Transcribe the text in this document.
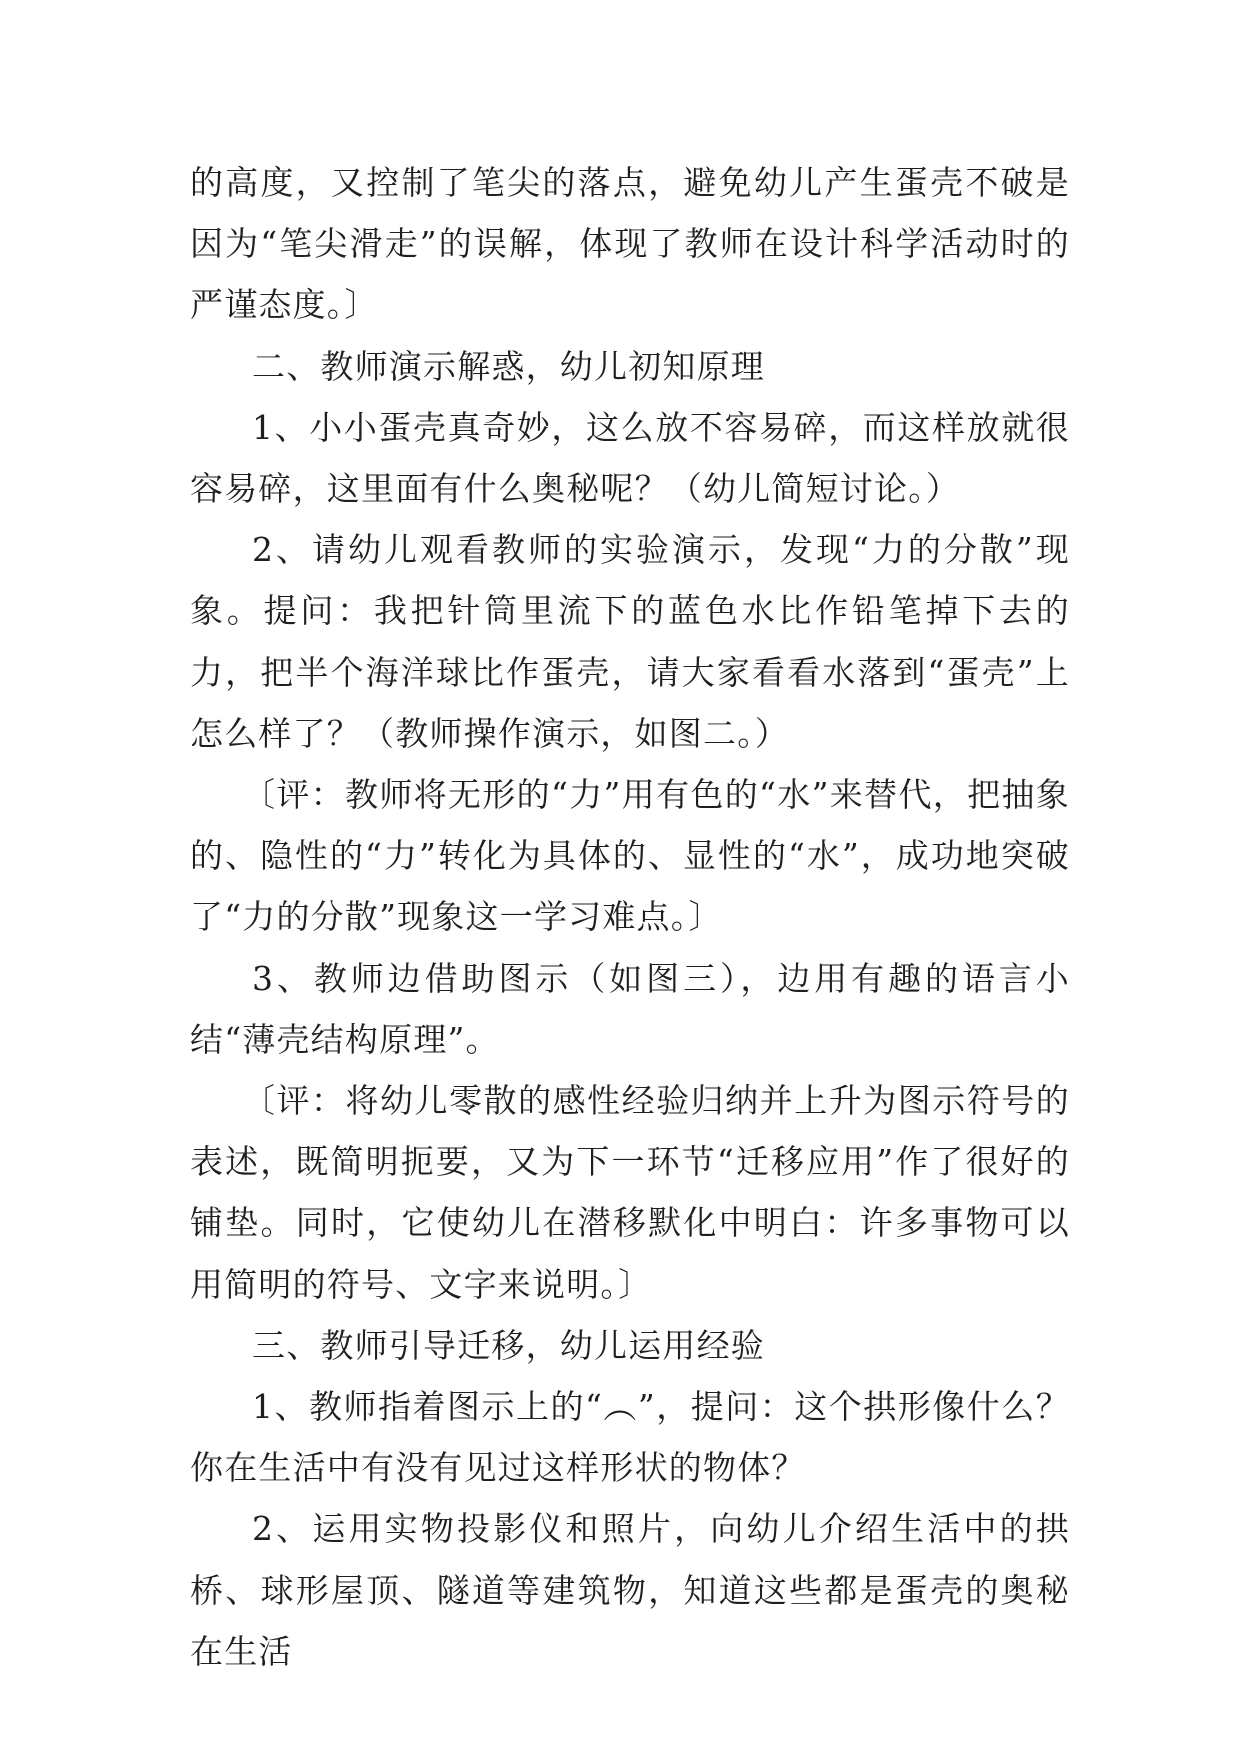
的高度，又控制了笔尖的落点，避免幼儿产生蛋壳不破是因为“笔尖滑走”的误解，体现了教师在设计科学活动时的严谨态度。〕

二、教师演示解惑，幼儿初知原理

1、小小蛋壳真奇妙，这么放不容易碎，而这样放就很容易碎，这里面有什么奥秘呢？（幼儿简短讨论。）

2、请幼儿观看教师的实验演示，发现“力的分散”现象。提问：我把针筒里流下的蓝色水比作铅笔掉下去的力，把半个海洋球比作蛋壳，请大家看看水落到“蛋壳”上怎么样了？（教师操作演示，如图二。）

〔评：教师将无形的“力”用有色的“水”来替代，把抽象的、隐性的“力”转化为具体的、显性的“水”，成功地突破了“力的分散”现象这一学习难点。〕

3、教师边借助图示（如图三），边用有趣的语言小结“薄壳结构原理”。

〔评：将幼儿零散的感性经验归纳并上升为图示符号的表述，既简明扼要，又为下一环节“迁移应用”作了很好的铺垫。同时，它使幼儿在潜移默化中明白：许多事物可以用简明的符号、文字来说明。〕

三、教师引导迁移，幼儿运用经验

1、教师指着图示上的“︵”，提问：这个拱形像什么？你在生活中有没有见过这样形状的物体？

2、运用实物投影仪和照片，向幼儿介绍生活中的拱桥、球形屋顶、隧道等建筑物，知道这些都是蛋壳的奥秘在生活
